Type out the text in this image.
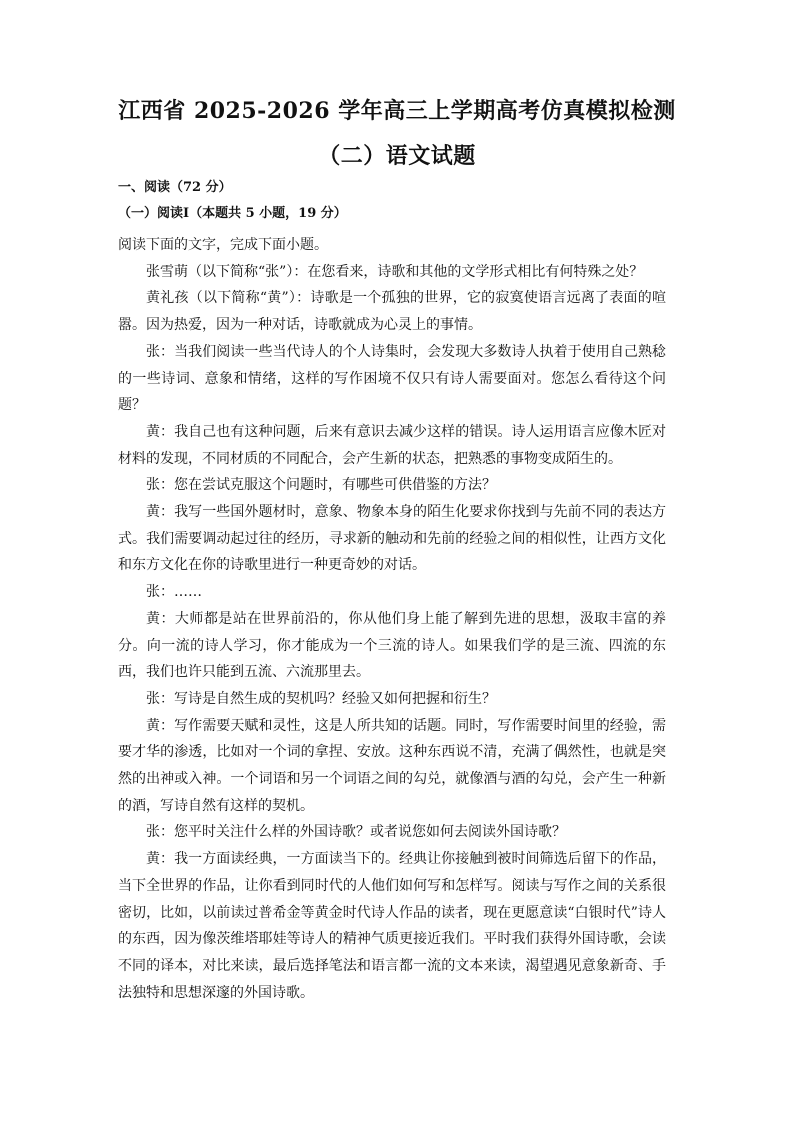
江西省 2025-2026 学年高三上学期高考仿真模拟检测
（二）语文试题
一、阅读（72 分）
（一）阅读Ⅰ（本题共 5 小题，19 分）

阅读下面的文字，完成下面小题。

张雪萌（以下简称“张”）：在您看来，诗歌和其他的文学形式相比有何特殊之处？

黄礼孩（以下简称“黄”）：诗歌是一个孤独的世界，它的寂寞使语言远离了表面的喧嚣。因为热爱，因为一种对话，诗歌就成为心灵上的事情。

张：当我们阅读一些当代诗人的个人诗集时，会发现大多数诗人执着于使用自己熟稔的一些诗词、意象和情绪，这样的写作困境不仅只有诗人需要面对。您怎么看待这个问题？

黄：我自己也有这种问题，后来有意识去减少这样的错误。诗人运用语言应像木匠对材料的发现，不同材质的不同配合，会产生新的状态，把熟悉的事物变成陌生的。

张：您在尝试克服这个问题时，有哪些可供借鉴的方法？

黄：我写一些国外题材时，意象、物象本身的陌生化要求你找到与先前不同的表达方式。我们需要调动起过往的经历，寻求新的触动和先前的经验之间的相似性，让西方文化和东方文化在你的诗歌里进行一种更奇妙的对话。

张：……

黄：大师都是站在世界前沿的，你从他们身上能了解到先进的思想，汲取丰富的养分。向一流的诗人学习，你才能成为一个三流的诗人。如果我们学的是三流、四流的东西，我们也许只能到五流、六流那里去。

张：写诗是自然生成的契机吗？经验又如何把握和衍生？

黄：写作需要天赋和灵性，这是人所共知的话题。同时，写作需要时间里的经验，需要才华的渗透，比如对一个词的拿捏、安放。这种东西说不清，充满了偶然性，也就是突然的出神或入神。一个词语和另一个词语之间的勾兑，就像酒与酒的勾兑，会产生一种新的酒，写诗自然有这样的契机。

张：您平时关注什么样的外国诗歌？或者说您如何去阅读外国诗歌？

黄：我一方面读经典，一方面读当下的。经典让你接触到被时间筛选后留下的作品，当下全世界的作品，让你看到同时代的人他们如何写和怎样写。阅读与写作之间的关系很密切，比如，以前读过普希金等黄金时代诗人作品的读者，现在更愿意读“白银时代”诗人的东西，因为像茨维塔耶娃等诗人的精神气质更接近我们。平时我们获得外国诗歌，会读不同的译本，对比来读，最后选择笔法和语言都一流的文本来读，渴望遇见意象新奇、手法独特和思想深邃的外国诗歌。
